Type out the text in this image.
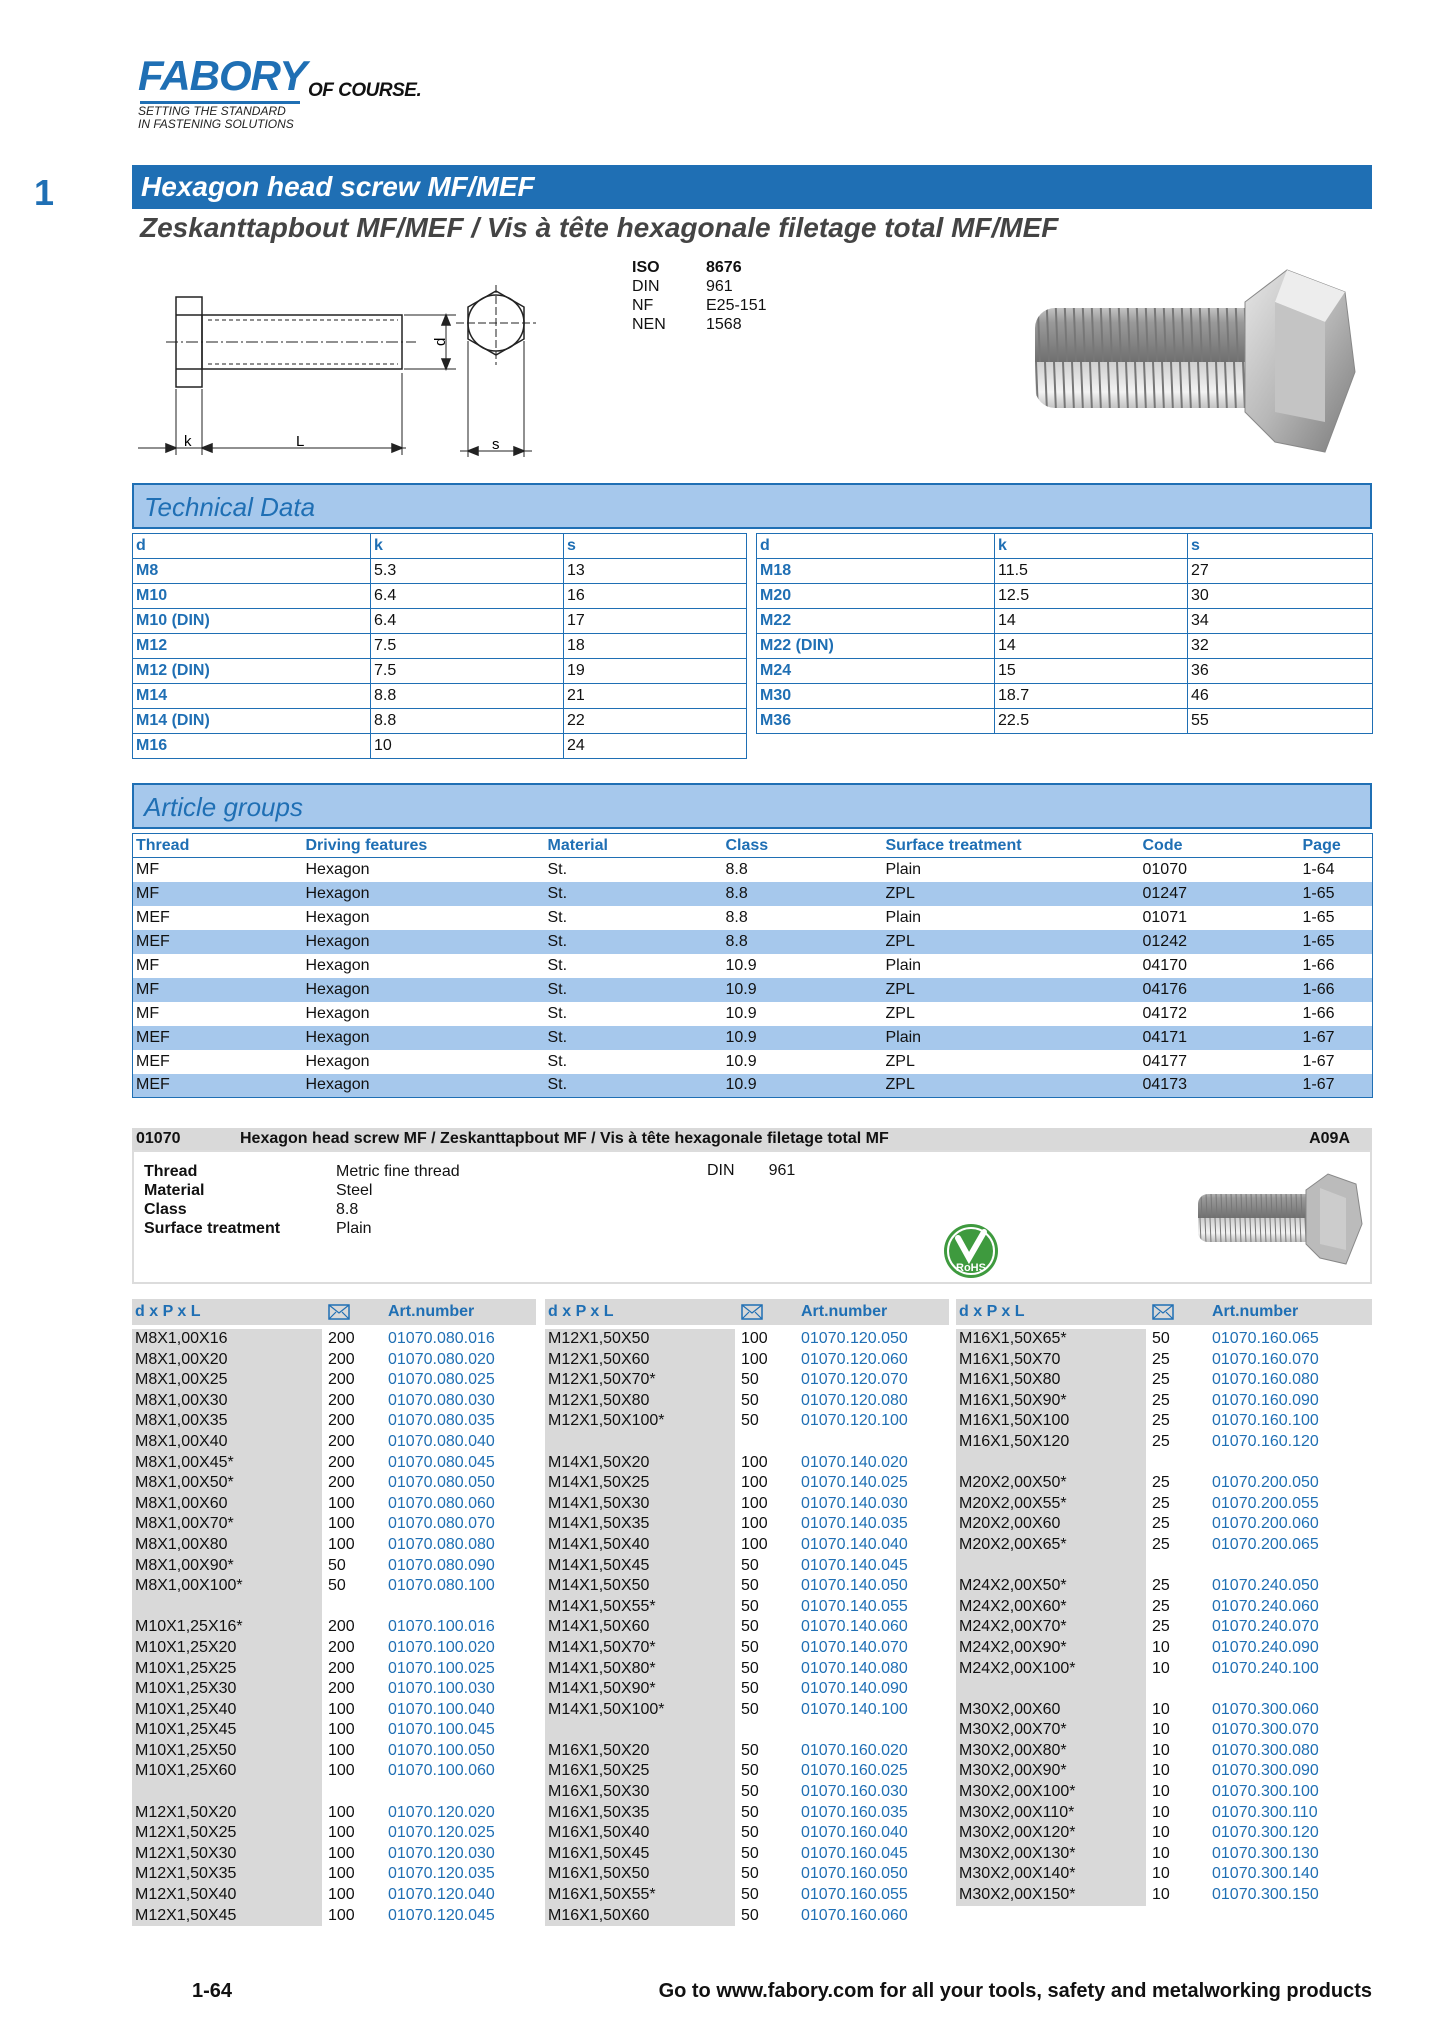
FABORY OF COURSE.
SETTING THE STANDARD
IN FASTENING SOLUTIONS
1	Hexagon head screw MF/MEF
Zeskanttapbout MF/MEF / Vis à tête hexagonale filetage total MF/MEF
k	L
d
s
ISO	8676
DIN	961
NF	E25-151
NEN	1568
Technical Data
d	k	s
M8	5.3	13
M10	6.4	16
M10 (DIN)	6.4	17
M12	7.5	18
M12 (DIN)	7.5	19
M14	8.8	21
M14 (DIN)	8.8	22
M16	10	24
d	k	s
M18	11.5	27
M20	12.5	30
M22	14	34
M22 (DIN)	14	32
M24	15	36
M30	18.7	46
M36	22.5	55
Article groups
Thread	Driving features	Material	Class	Surface treatment	Code	Page
MF	Hexagon	St.	8.8	Plain	01070	1-64
MF	Hexagon	St.	8.8	ZPL	01247	1-65
MEF	Hexagon	St.	8.8	Plain	01071	1-65
MEF	Hexagon	St.	8.8	ZPL	01242	1-65
MF	Hexagon	St.	10.9	Plain	04170	1-66
MF	Hexagon	St.	10.9	ZPL	04176	1-66
MF	Hexagon	St.	10.9	ZPL	04172	1-66
MEF	Hexagon	St.	10.9	Plain	04171	1-67
MEF	Hexagon	St.	10.9	ZPL	04177	1-67
MEF	Hexagon	St.	10.9	ZPL	04173	1-67
01070	Hexagon head screw MF / Zeskanttapbout MF / Vis à tête hexagonale filetage total MF	A09A
Thread	Metric fine thread
Material	Steel
Class	8.8
Surface treatment	Plain
DIN 961
RoHS
d x P x L	Art.number
M8X1,00X16	200 01070.080.016
M8X1,00X20	200 01070.080.020
M8X1,00X25	200 01070.080.025
M8X1,00X30	200 01070.080.030
M8X1,00X35	200 01070.080.035
M8X1,00X40	200 01070.080.040
M8X1,00X45*	200 01070.080.045
M8X1,00X50*	200 01070.080.050
M8X1,00X60	100 01070.080.060
M8X1,00X70*	100 01070.080.070
M8X1,00X80	100 01070.080.080
M8X1,00X90*	50	01070.080.090
M8X1,00X100*	50	01070.080.100
M10X1,25X16*	200 01070.100.016
M10X1,25X20	200 01070.100.020
M10X1,25X25	200 01070.100.025
M10X1,25X30	200 01070.100.030
M10X1,25X40	100 01070.100.040
M10X1,25X45	100 01070.100.045
M10X1,25X50	100 01070.100.050
M10X1,25X60	100 01070.100.060
M12X1,50X20	100 01070.120.020
M12X1,50X25	100 01070.120.025
M12X1,50X30	100 01070.120.030
M12X1,50X35	100 01070.120.035
M12X1,50X40	100 01070.120.040
M12X1,50X45	100 01070.120.045
d x P x L	Art.number
M12X1,50X50	100 01070.120.050
M12X1,50X60	100 01070.120.060
M12X1,50X70*	50	01070.120.070
M12X1,50X80	50	01070.120.080
M12X1,50X100*	50	01070.120.100
M14X1,50X20	100 01070.140.020
M14X1,50X25	100 01070.140.025
M14X1,50X30	100 01070.140.030
M14X1,50X35	100 01070.140.035
M14X1,50X40	100 01070.140.040
M14X1,50X45	50	01070.140.045
M14X1,50X50	50	01070.140.050
M14X1,50X55*	50	01070.140.055
M14X1,50X60	50	01070.140.060
M14X1,50X70*	50	01070.140.070
M14X1,50X80*	50	01070.140.080
M14X1,50X90*	50	01070.140.090
M14X1,50X100*	50	01070.140.100
M16X1,50X20	50	01070.160.020
M16X1,50X25	50	01070.160.025
M16X1,50X30	50	01070.160.030
M16X1,50X35	50	01070.160.035
M16X1,50X40	50	01070.160.040
M16X1,50X45	50	01070.160.045
M16X1,50X50	50	01070.160.050
M16X1,50X55*	50	01070.160.055
M16X1,50X60	50	01070.160.060
d x P x L	Art.number
M16X1,50X65*	50	01070.160.065
M16X1,50X70	25	01070.160.070
M16X1,50X80	25	01070.160.080
M16X1,50X90*	25	01070.160.090
M16X1,50X100	25	01070.160.100
M16X1,50X120	25	01070.160.120
M20X2,00X50*	25	01070.200.050
M20X2,00X55*	25	01070.200.055
M20X2,00X60	25	01070.200.060
M20X2,00X65*	25	01070.200.065
M24X2,00X50*	25	01070.240.050
M24X2,00X60*	25	01070.240.060
M24X2,00X70*	25	01070.240.070
M24X2,00X90*	10	01070.240.090
M24X2,00X100*	10	01070.240.100
M30X2,00X60	10	01070.300.060
M30X2,00X70*	10	01070.300.070
M30X2,00X80*	10	01070.300.080
M30X2,00X90*	10	01070.300.090
M30X2,00X100*	10	01070.300.100
M30X2,00X110*	10	01070.300.110
M30X2,00X120*	10	01070.300.120
M30X2,00X130*	10	01070.300.130
M30X2,00X140*	10	01070.300.140
M30X2,00X150*	10	01070.300.150
1-64	Go to www.fabory.com for all your tools, safety and metalworking products
